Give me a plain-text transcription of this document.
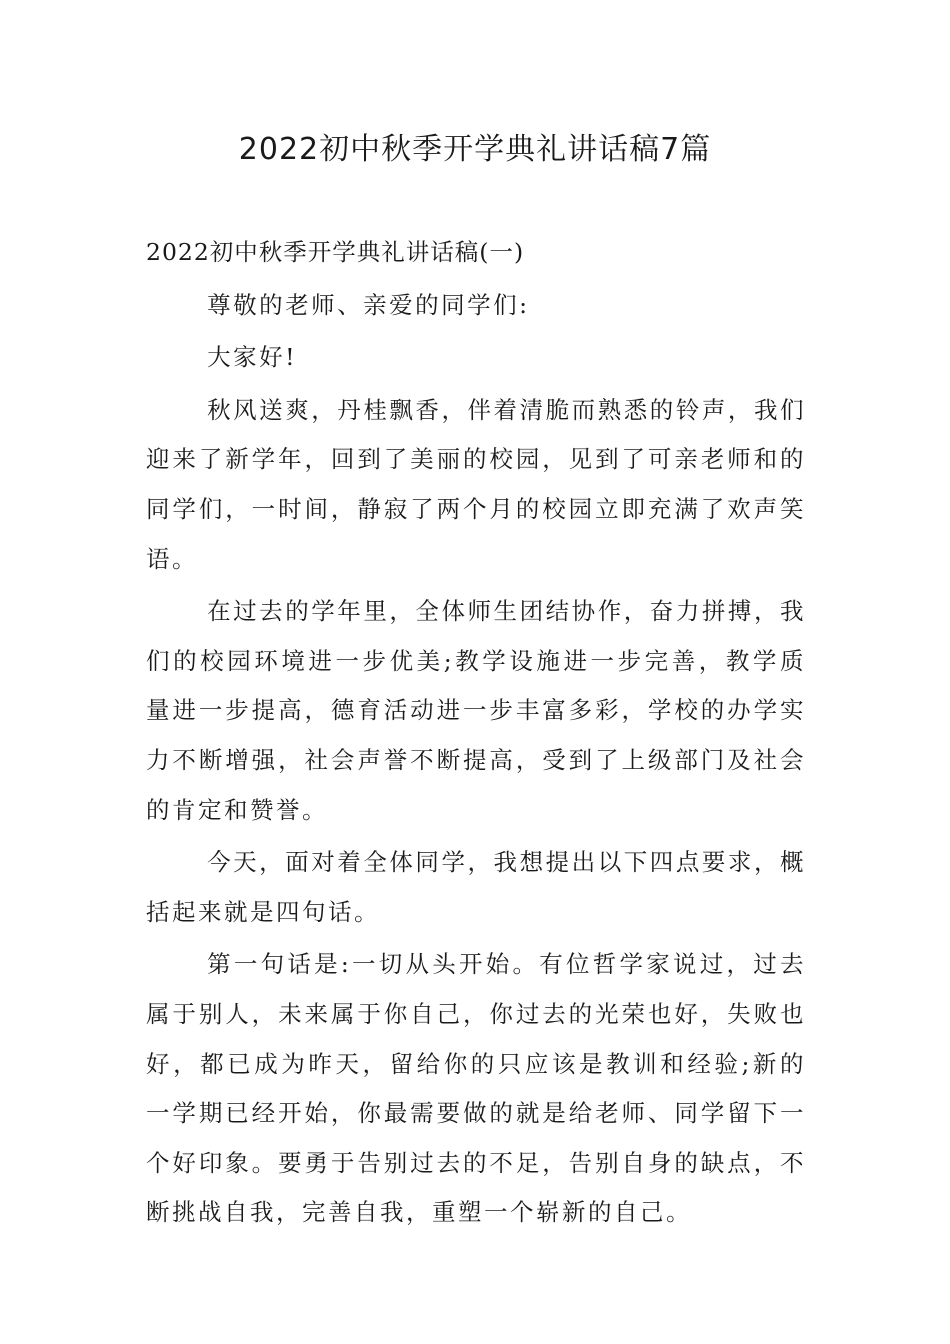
2022初中秋季开学典礼讲话稿7篇

2022初中秋季开学典礼讲话稿(一)

尊敬的老师、亲爱的同学们:

大家好!

秋风送爽，丹桂飘香，伴着清脆而熟悉的铃声，我们迎来了新学年，回到了美丽的校园，见到了可亲老师和的同学们，一时间，静寂了两个月的校园立即充满了欢声笑语。

在过去的学年里，全体师生团结协作，奋力拼搏，我们的校园环境进一步优美;教学设施进一步完善，教学质量进一步提高，德育活动进一步丰富多彩，学校的办学实力不断增强，社会声誉不断提高，受到了上级部门及社会的肯定和赞誉。

今天，面对着全体同学，我想提出以下四点要求，概括起来就是四句话。

第一句话是:一切从头开始。有位哲学家说过，过去属于别人，未来属于你自己，你过去的光荣也好，失败也好，都已成为昨天，留给你的只应该是教训和经验;新的一学期已经开始，你最需要做的就是给老师、同学留下一个好印象。要勇于告别过去的不足，告别自身的缺点，不断挑战自我，完善自我，重塑一个崭新的自己。
